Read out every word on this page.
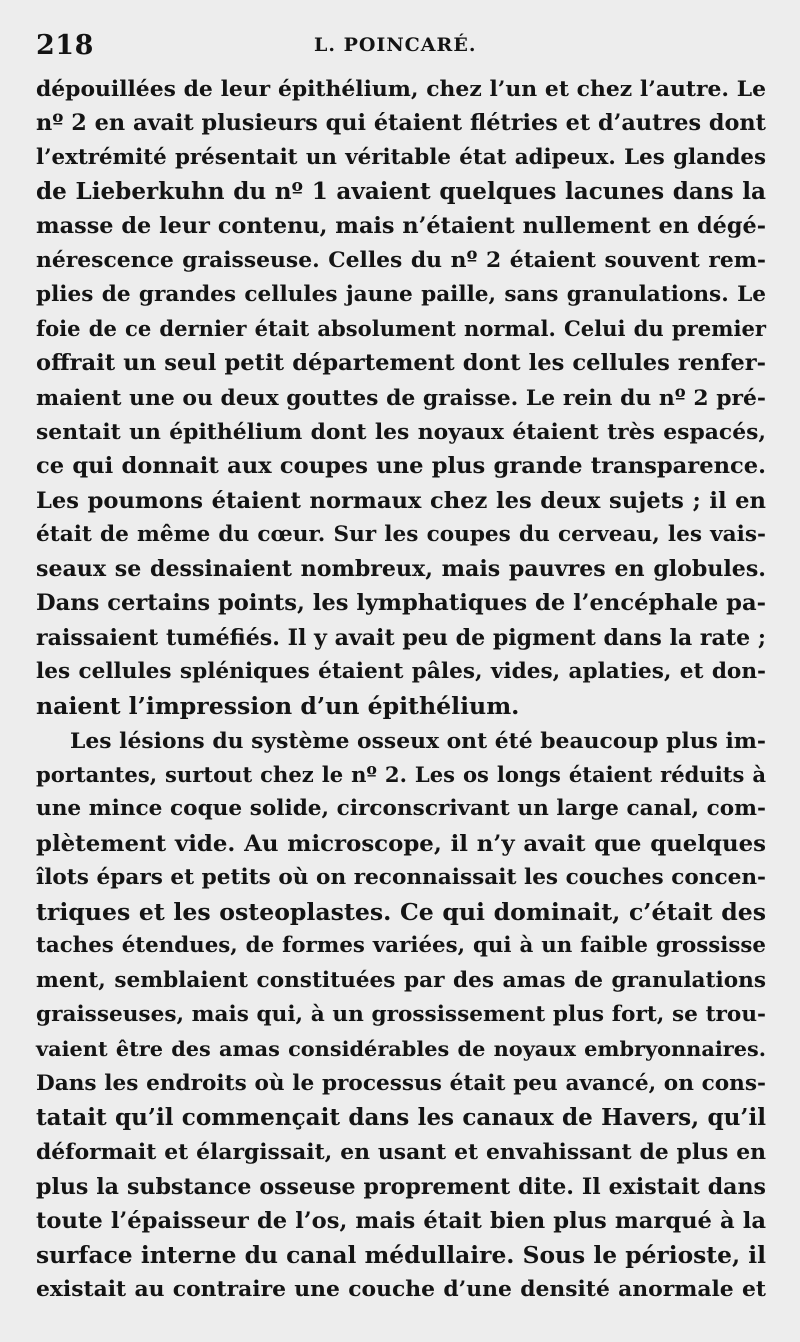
218	L. POINCARÉ.
dépouillées de leur épithélium, chez l’un et chez l’autre. Le
nº 2 en avait plusieurs qui étaient flétries et d’autres dont
l’extrémité présentait un véritable état adipeux. Les glandes
de Lieberkuhn du nº 1 avaient quelques lacunes dans la
masse de leur contenu, mais n’étaient nullement en dégé-
nérescence graisseuse. Celles du nº 2 étaient souvent rem-
plies de grandes cellules jaune paille, sans granulations. Le
foie de ce dernier était absolument normal. Celui du premier
offrait un seul petit département dont les cellules renfer-
maient une ou deux gouttes de graisse. Le rein du nº 2 pré-
sentait un épithélium dont les noyaux étaient très espacés,
ce qui donnait aux coupes une plus grande transparence.
Les poumons étaient normaux chez les deux sujets ; il en
était de même du cœur. Sur les coupes du cerveau, les vais-
seaux se dessinaient nombreux, mais pauvres en globules.
Dans certains points, les lymphatiques de l’encéphale pa-
raissaient tuméfiés. Il y avait peu de pigment dans la rate ;
les cellules spléniques étaient pâles, vides, aplaties, et don-
naient l’impression d’un épithélium.
Les lésions du système osseux ont été beaucoup plus im-
portantes, surtout chez le nº 2. Les os longs étaient réduits à
une mince coque solide, circonscrivant un large canal, com-
plètement vide. Au microscope, il n’y avait que quelques
îlots épars et petits où on reconnaissait les couches concen-
triques et les osteoplastes. Ce qui dominait, c’était des
taches étendues, de formes variées, qui à un faible grossisse
ment, semblaient constituées par des amas de granulations
graisseuses, mais qui, à un grossissement plus fort, se trou-
vaient être des amas considérables de noyaux embryonnaires.
Dans les endroits où le processus était peu avancé, on cons-
tatait qu’il commençait dans les canaux de Havers, qu’il
déformait et élargissait, en usant et envahissant de plus en
plus la substance osseuse proprement dite. Il existait dans
toute l’épaisseur de l’os, mais était bien plus marqué à la
surface interne du canal médullaire. Sous le périoste, il
existait au contraire une couche d’une densité anormale et
